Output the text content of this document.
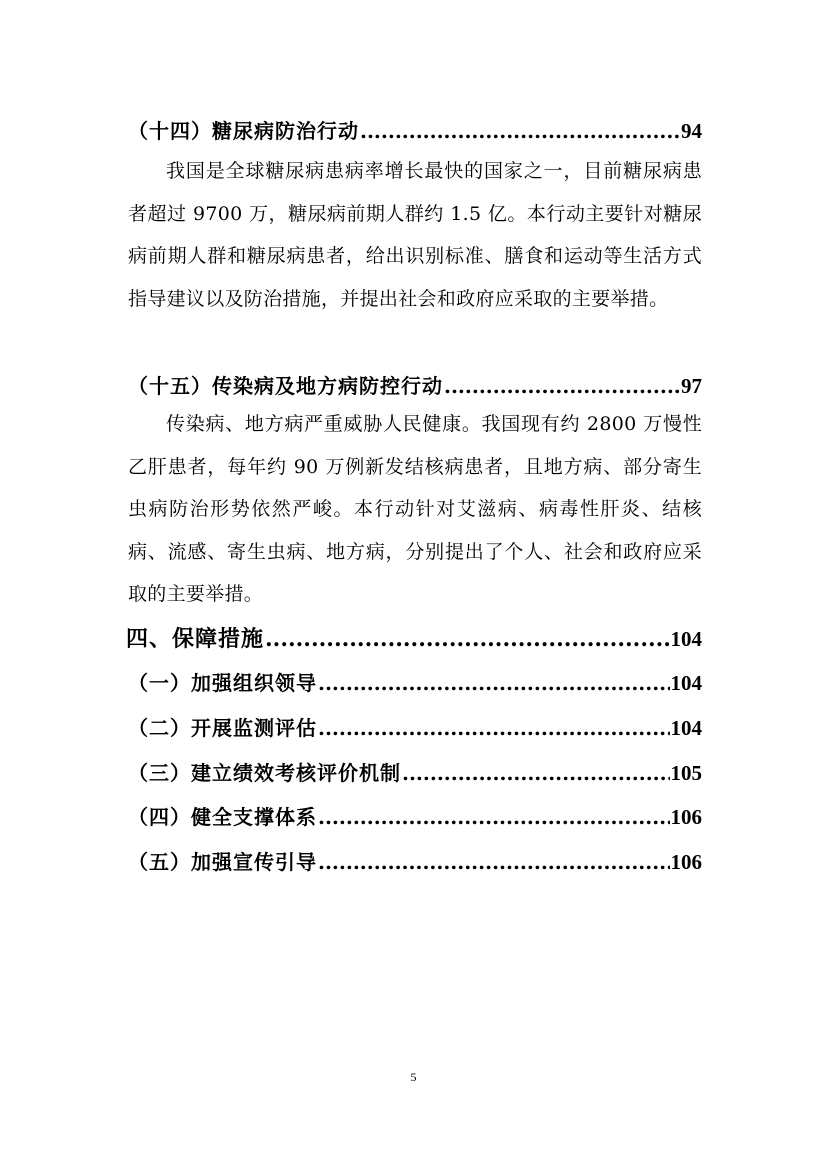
（十四）糖尿病防治行动 .....	94

我国是全球糖尿病患病率增长最快的国家之一，目前糖尿病患者超过 9700 万，糖尿病前期人群约 1.5 亿。本行动主要针对糖尿病前期人群和糖尿病患者，给出识别标准、膳食和运动等生活方式指导建议以及防治措施，并提出社会和政府应采取的主要举措。

（十五）传染病及地方病防控行动 .....	97

传染病、地方病严重威胁人民健康。我国现有约 2800 万慢性乙肝患者，每年约 90 万例新发结核病患者，且地方病、部分寄生虫病防治形势依然严峻。本行动针对艾滋病、病毒性肝炎、结核病、流感、寄生虫病、地方病，分别提出了个人、社会和政府应采取的主要举措。

四、保障措施 .....	104
（一）加强组织领导 .....	104
（二）开展监测评估 .....	104
（三）建立绩效考核评价机制 .....	105
（四）健全支撑体系 .....	106
（五）加强宣传引导 .....	106
5
